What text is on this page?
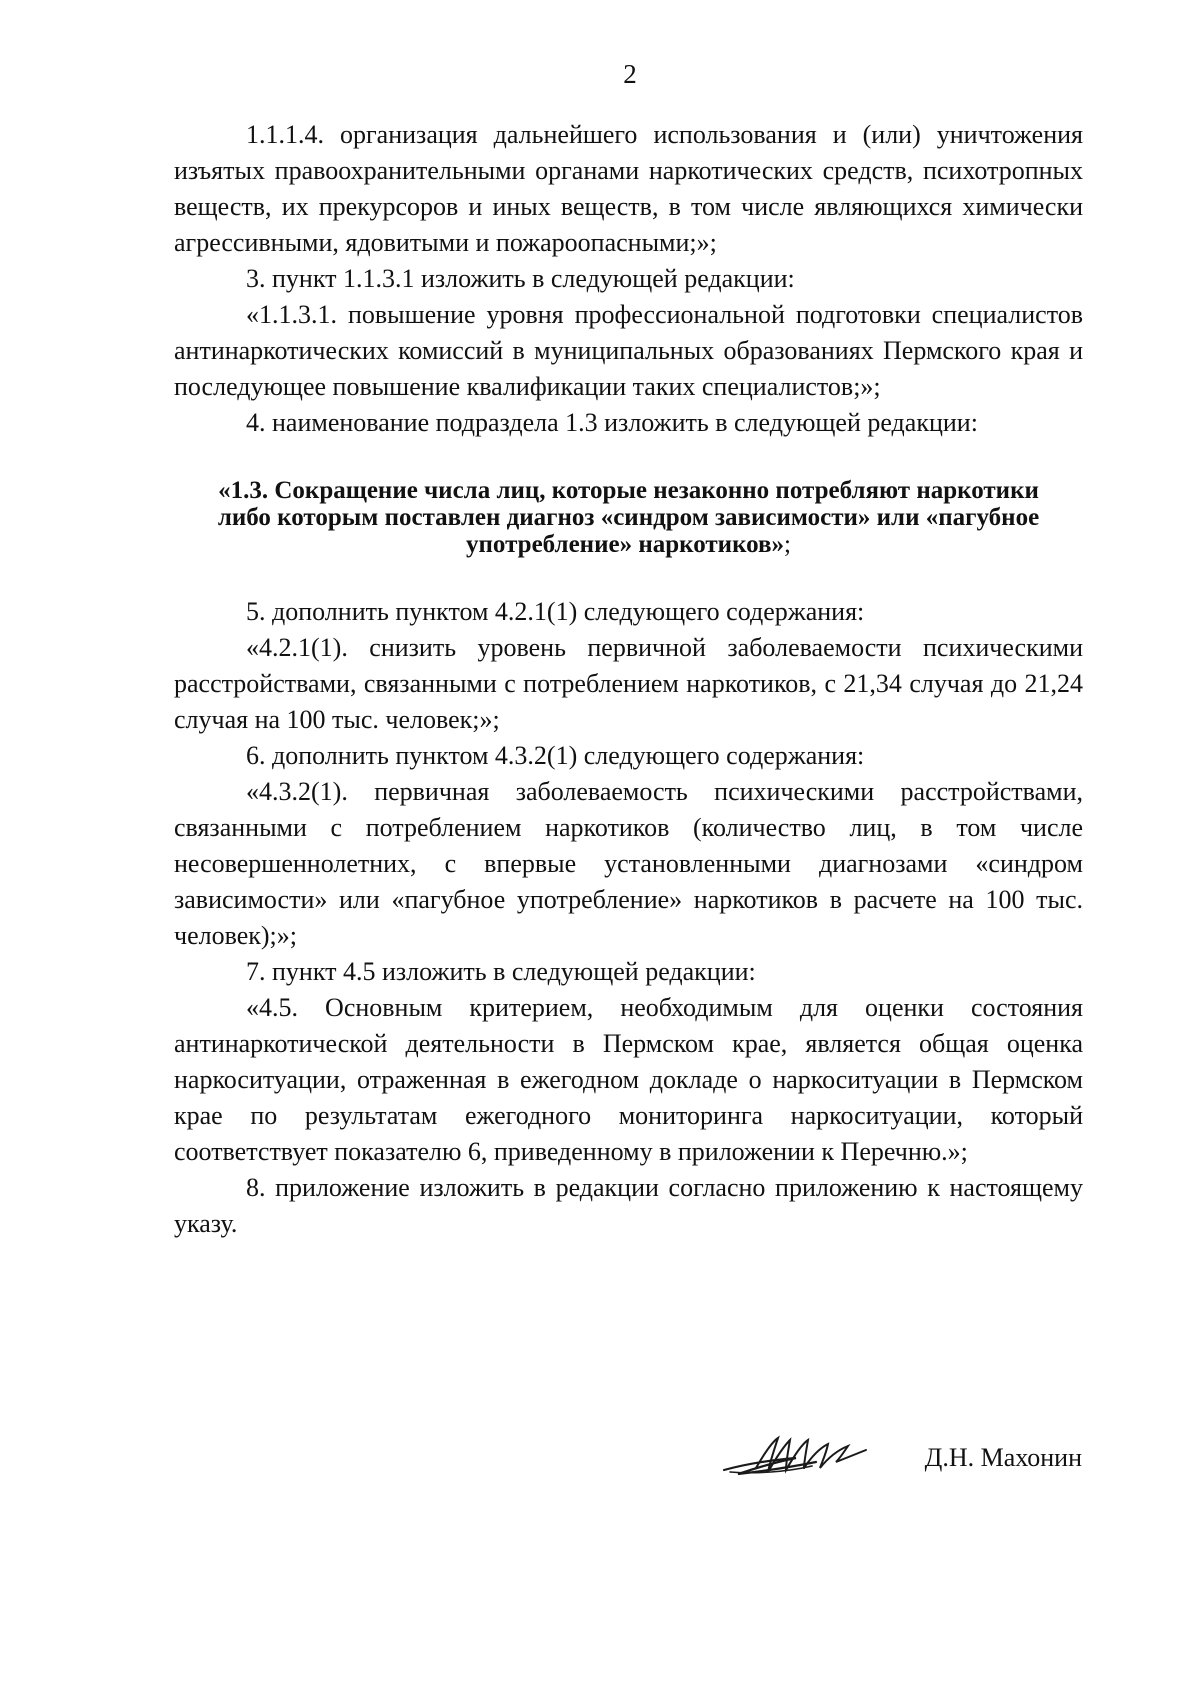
2

1.1.1.4. организация дальнейшего использования и (или) уничтожения изъятых правоохранительными органами наркотических средств, психотропных веществ, их прекурсоров и иных веществ, в том числе являющихся химически агрессивными, ядовитыми и пожароопасными;»;

3. пункт 1.1.3.1 изложить в следующей редакции:

«1.1.3.1. повышение уровня профессиональной подготовки специалистов антинаркотических комиссий в муниципальных образованиях Пермского края и последующее повышение квалификации таких специалистов;»;

4. наименование подраздела 1.3 изложить в следующей редакции:

«1.3. Сокращение числа лиц, которые незаконно потребляют наркотики либо которым поставлен диагноз «синдром зависимости» или «пагубное употребление» наркотиков»;

5. дополнить пунктом 4.2.1(1) следующего содержания:

«4.2.1(1). снизить уровень первичной заболеваемости психическими расстройствами, связанными с потреблением наркотиков, с 21,34 случая до 21,24 случая на 100 тыс. человек;»;

6. дополнить пунктом 4.3.2(1) следующего содержания:

«4.3.2(1). первичная заболеваемость психическими расстройствами, связанными с потреблением наркотиков (количество лиц, в том числе несовершеннолетних, с впервые установленными диагнозами «синдром зависимости» или «пагубное употребление» наркотиков в расчете на 100 тыс. человек);»;

7. пункт 4.5 изложить в следующей редакции:

«4.5. Основным критерием, необходимым для оценки состояния антинаркотической деятельности в Пермском крае, является общая оценка наркоситуации, отраженная в ежегодном докладе о наркоситуации в Пермском крае по результатам ежегодного мониторинга наркоситуации, который соответствует показателю 6, приведенному в приложении к Перечню.»;

8. приложение изложить в редакции согласно приложению к настоящему указу.

Д.Н. Махонин
